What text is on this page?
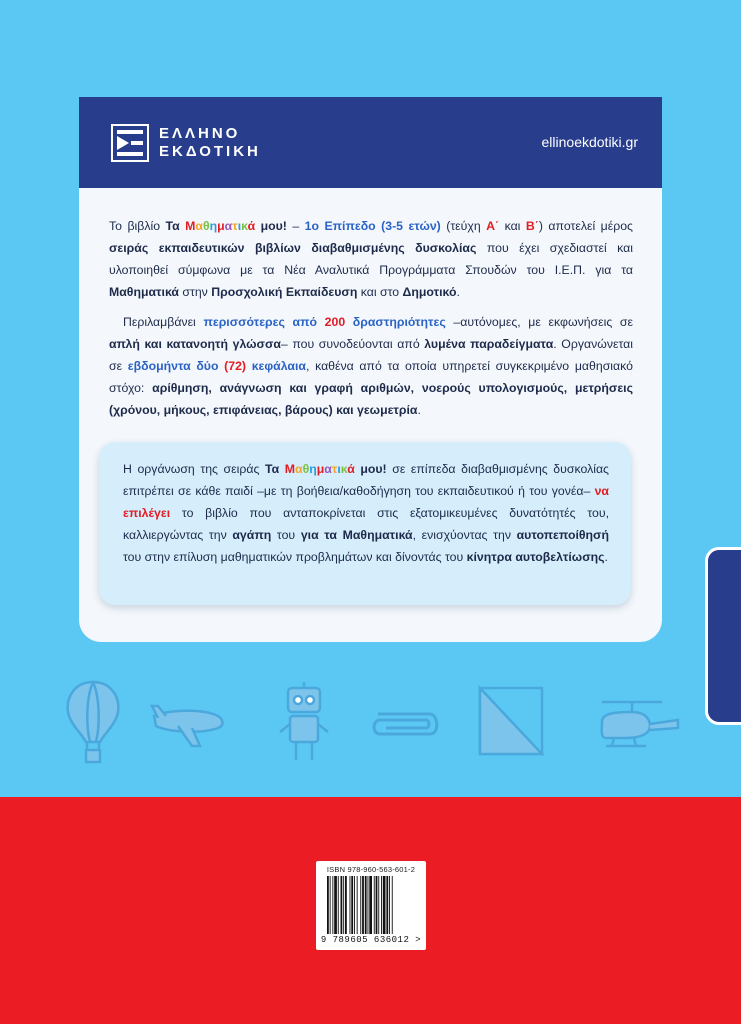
ΕΛΛΗΝΟ
ΕΚΔΟΤΙΚΗ
ellinoekdotiki.gr

Το βιβλίο Τα Μαθηματικά μου! – 1ο Επίπεδο (3-5 ετών) (τεύχη Α΄ και Β΄) αποτελεί μέρος σειράς εκπαιδευτικών βιβλίων διαβαθμισμένης δυσκολίας που έχει σχεδιαστεί και υλοποιηθεί σύμφωνα με τα Νέα Αναλυτικά Προγράμματα Σπουδών του Ι.Ε.Π. για τα Μαθηματικά στην Προσχολική Εκπαίδευση και στο Δημοτικό.

Περιλαμβάνει περισσότερες από 200 δραστηριότητες –αυτόνομες, με εκφωνήσεις σε απλή και κατανοητή γλώσσα– που συνοδεύονται από λυμένα παραδείγματα. Οργανώνεται σε εβδομήντα δύο (72) κεφάλαια, καθένα από τα οποία υπηρετεί συγκεκριμένο μαθησιακό στόχο: αρίθμηση, ανάγνωση και γραφή αριθμών, νοερούς υπολογισμούς, μετρήσεις (χρόνου, μήκους, επιφάνειας, βάρους) και γεωμετρία.

Η οργάνωση της σειράς Τα Μαθηματικά μου! σε επίπεδα διαβαθμισμένης δυσκολίας επιτρέπει σε κάθε παιδί –με τη βοήθεια/καθοδήγηση του εκπαιδευτικού ή του γονέα– να επιλέγει το βιβλίο που ανταποκρίνεται στις εξατομικευμένες δυνατότητές του, καλλιεργώντας την αγάπη του για τα Μαθηματικά, ενισχύοντας την αυτοπεποίθησή του στην επίλυση μαθηματικών προβλημάτων και δίνοντάς του κίνητρα αυτοβελτίωσης.
ISBN 978-960-563-601-2
9 789605 636012 >
